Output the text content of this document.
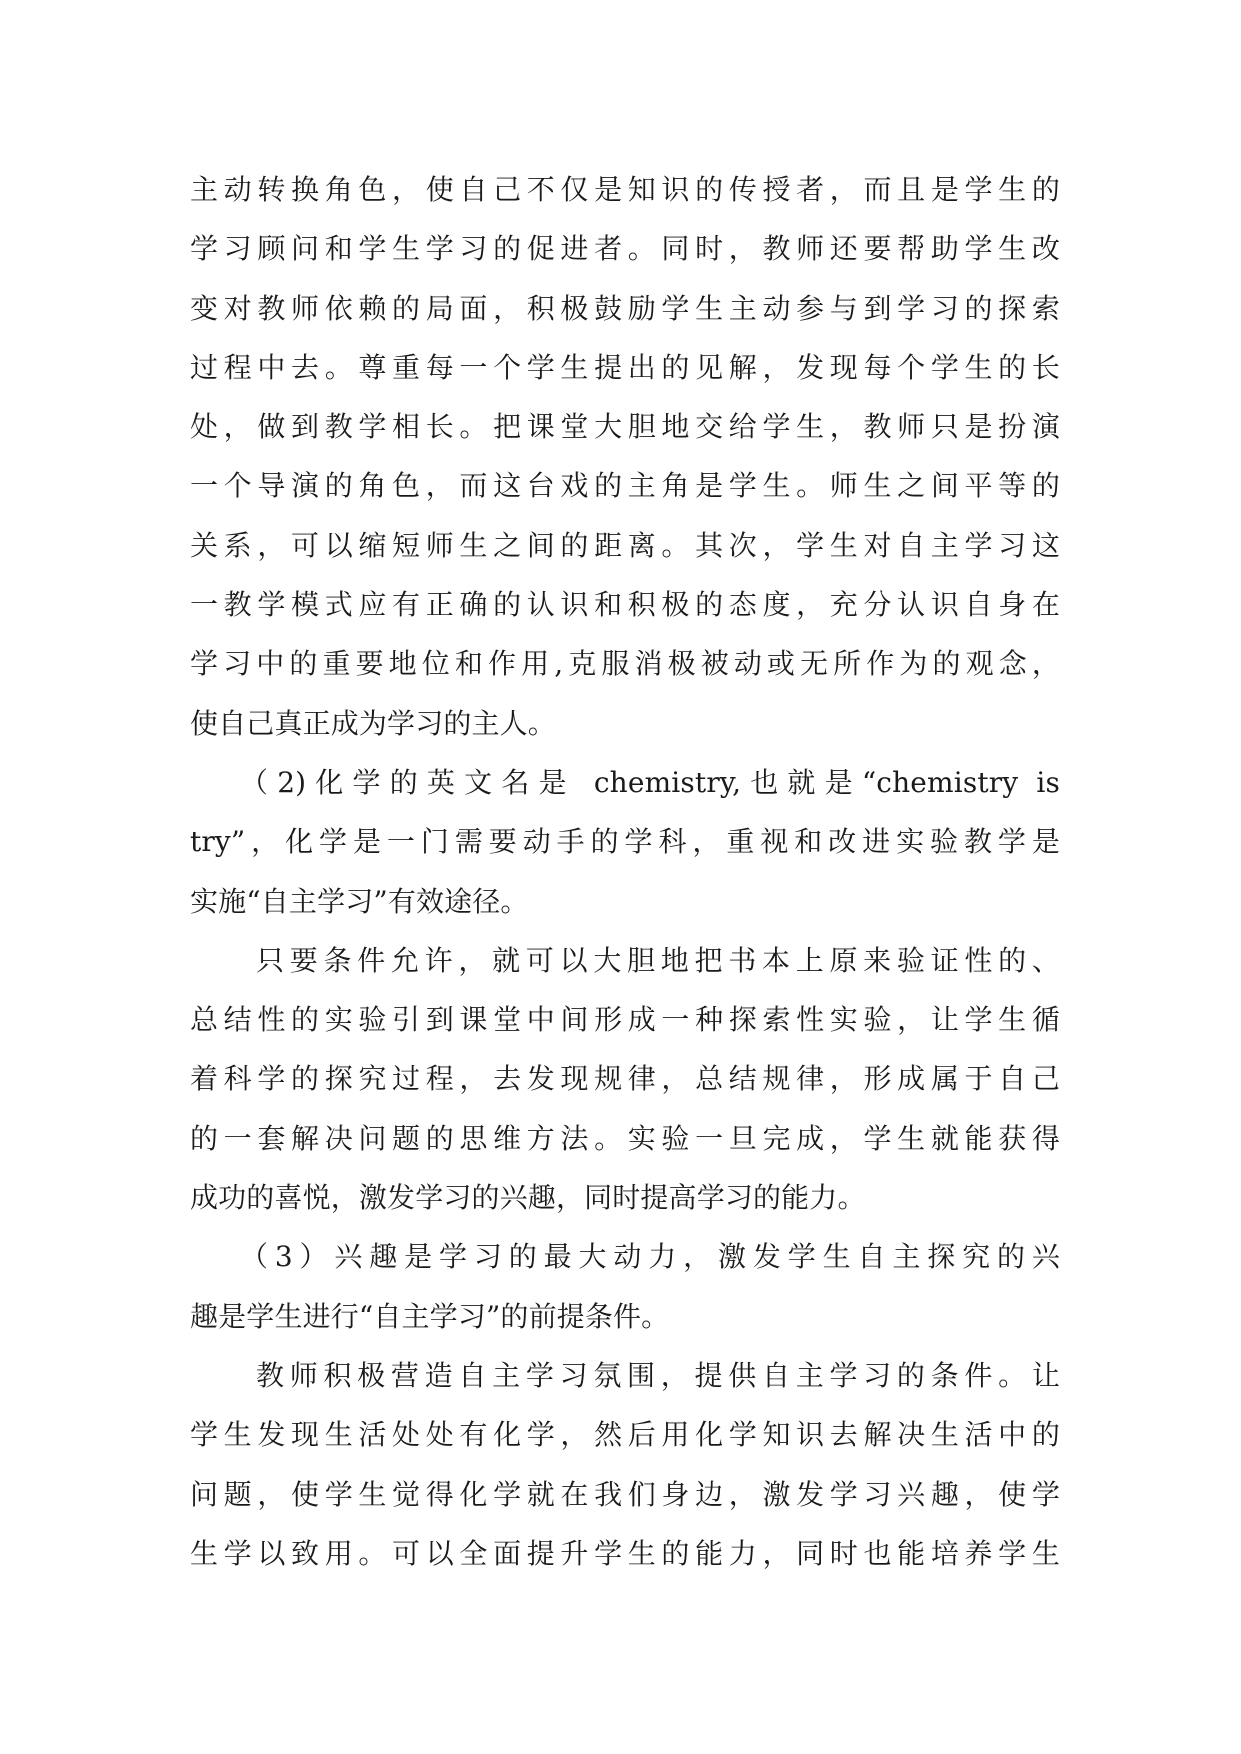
主动转换角色，使自己不仅是知识的传授者，而且是学生的
学习顾问和学生学习的促进者。同时，教师还要帮助学生改
变对教师依赖的局面，积极鼓励学生主动参与到学习的探索
过程中去。尊重每一个学生提出的见解，发现每个学生的长
处，做到教学相长。把课堂大胆地交给学生，教师只是扮演
一个导演的角色，而这台戏的主角是学生。师生之间平等的
关系，可以缩短师生之间的距离。其次，学生对自主学习这
一教学模式应有正确的认识和积极的态度，充分认识自身在
学习中的重要地位和作用,克服消极被动或无所作为的观念，
使自己真正成为学习的主人。
（2)化学的英文名是 chemistry,也就是“chemistry is
try”，化学是一门需要动手的学科，重视和改进实验教学是
实施“自主学习”有效途径。
只要条件允许，就可以大胆地把书本上原来验证性的、
总结性的实验引到课堂中间形成一种探索性实验，让学生循
着科学的探究过程，去发现规律，总结规律，形成属于自己
的一套解决问题的思维方法。实验一旦完成，学生就能获得
成功的喜悦，激发学习的兴趣，同时提高学习的能力。
（3）兴趣是学习的最大动力，激发学生自主探究的兴
趣是学生进行“自主学习”的前提条件。
教师积极营造自主学习氛围，提供自主学习的条件。让
学生发现生活处处有化学，然后用化学知识去解决生活中的
问题，使学生觉得化学就在我们身边，激发学习兴趣，使学
生学以致用。可以全面提升学生的能力，同时也能培养学生
